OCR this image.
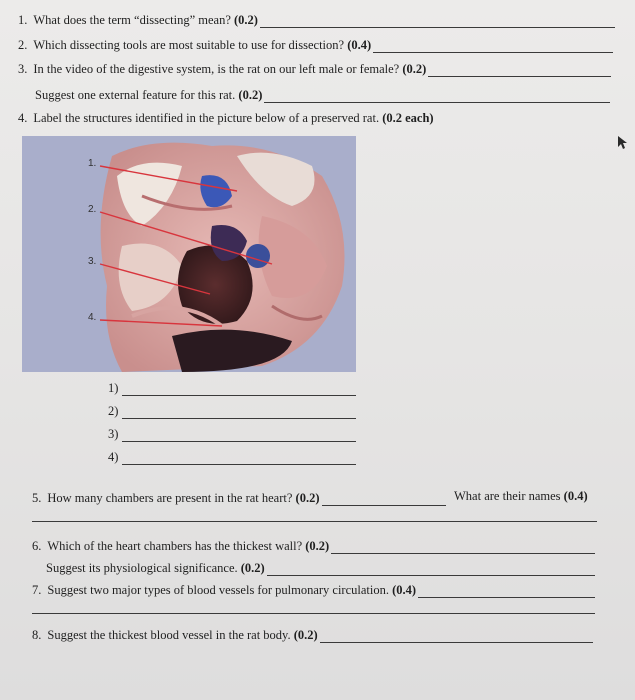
1. What does the term “dissecting” mean?
(0.2)
2. Which dissecting tools are most suitable to use for dissection?
(0.4)
3. In the video of the digestive system, is the rat on our left male or female?
(0.2)
Suggest one external feature for this rat.
(0.2)
4. Label the structures identified in the picture below of a preserved rat.
(0.2 each)
1.
2.
3.
4.
1)
2)
3)
4)
5. How many chambers are present in the rat heart?
(0.2)	What are their names
(0.4)
6. Which of the heart chambers has the thickest wall?
(0.2)
Suggest its physiological significance.
(0.2)
7. Suggest two major types of blood vessels for pulmonary circulation.
(0.4)
8. Suggest the thickest blood vessel in the rat body.
(0.2)
